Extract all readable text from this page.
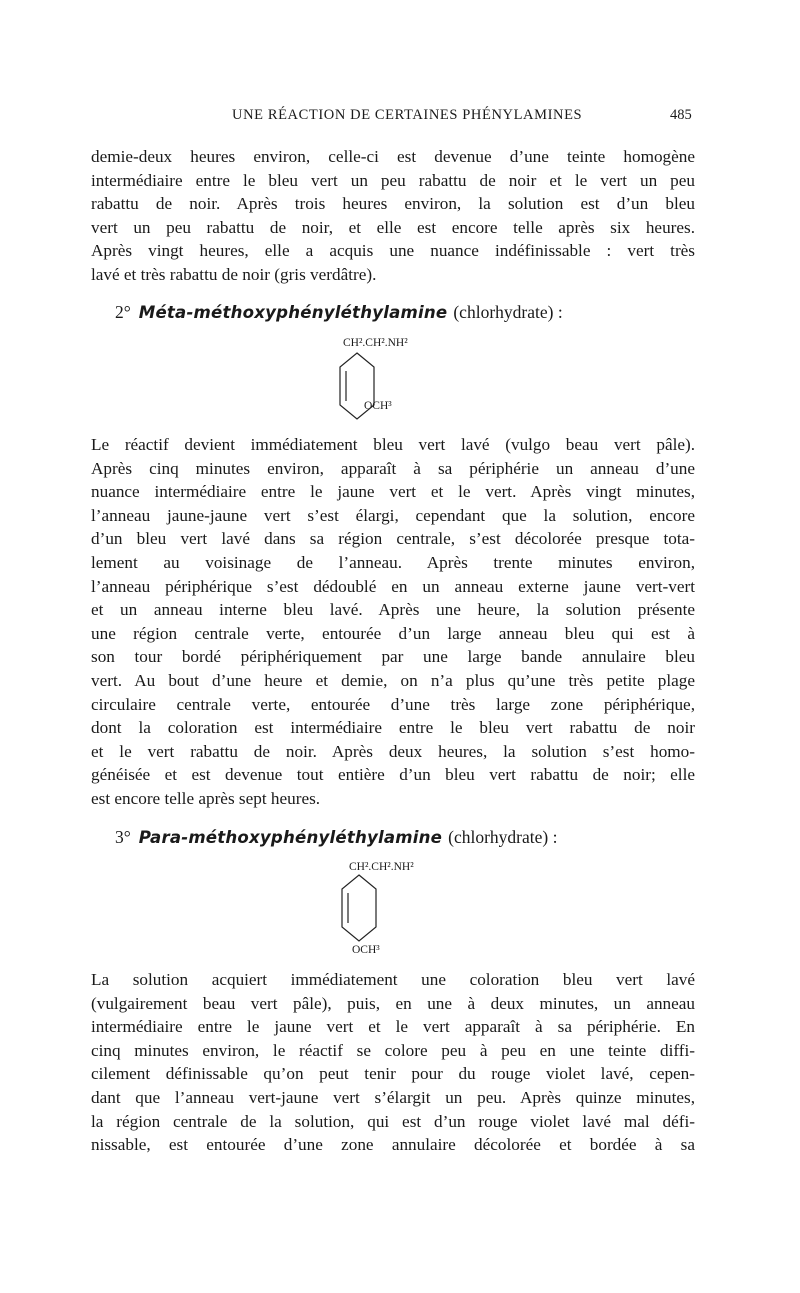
UNE RÉACTION DE CERTAINES PHÉNYLAMINES	485
demie-deux heures environ, celle-ci est devenue d’une teinte homogène
intermédiaire entre le bleu vert un peu rabattu de noir et le vert un peu
rabattu de noir. Après trois heures environ, la solution est d’un bleu
vert un peu rabattu de noir, et elle est encore telle après six heures.
Après vingt heures, elle a acquis une nuance indéfinissable : vert très
lavé et très rabattu de noir (gris verdâtre).
2° Méta-méthoxyphényléthylamine (chlorhydrate) :
CH².CH².NH²
OCH³
Le réactif devient immédiatement bleu vert lavé (vulgo beau vert pâle).
Après cinq minutes environ, apparaît à sa périphérie un anneau d’une
nuance intermédiaire entre le jaune vert et le vert. Après vingt minutes,
l’anneau jaune-jaune vert s’est élargi, cependant que la solution, encore
d’un bleu vert lavé dans sa région centrale, s’est décolorée presque tota-
lement au voisinage de l’anneau. Après trente minutes environ,
l’anneau périphérique s’est dédoublé en un anneau externe jaune vert-vert
et un anneau interne bleu lavé. Après une heure, la solution présente
une région centrale verte, entourée d’un large anneau bleu qui est à
son tour bordé périphériquement par une large bande annulaire bleu
vert. Au bout d’une heure et demie, on n’a plus qu’une très petite plage
circulaire centrale verte, entourée d’une très large zone périphérique,
dont la coloration est intermédiaire entre le bleu vert rabattu de noir
et le vert rabattu de noir. Après deux heures, la solution s’est homo-
généisée et est devenue tout entière d’un bleu vert rabattu de noir; elle
est encore telle après sept heures.
3° Para-méthoxyphényléthylamine (chlorhydrate) :
CH².CH².NH²
OCH³
La solution acquiert immédiatement une coloration bleu vert lavé
(vulgairement beau vert pâle), puis, en une à deux minutes, un anneau
intermédiaire entre le jaune vert et le vert apparaît à sa périphérie. En
cinq minutes environ, le réactif se colore peu à peu en une teinte diffi-
cilement définissable qu’on peut tenir pour du rouge violet lavé, cepen-
dant que l’anneau vert-jaune vert s’élargit un peu. Après quinze minutes,
la région centrale de la solution, qui est d’un rouge violet lavé mal défi-
nissable, est entourée d’une zone annulaire décolorée et bordée à sa
